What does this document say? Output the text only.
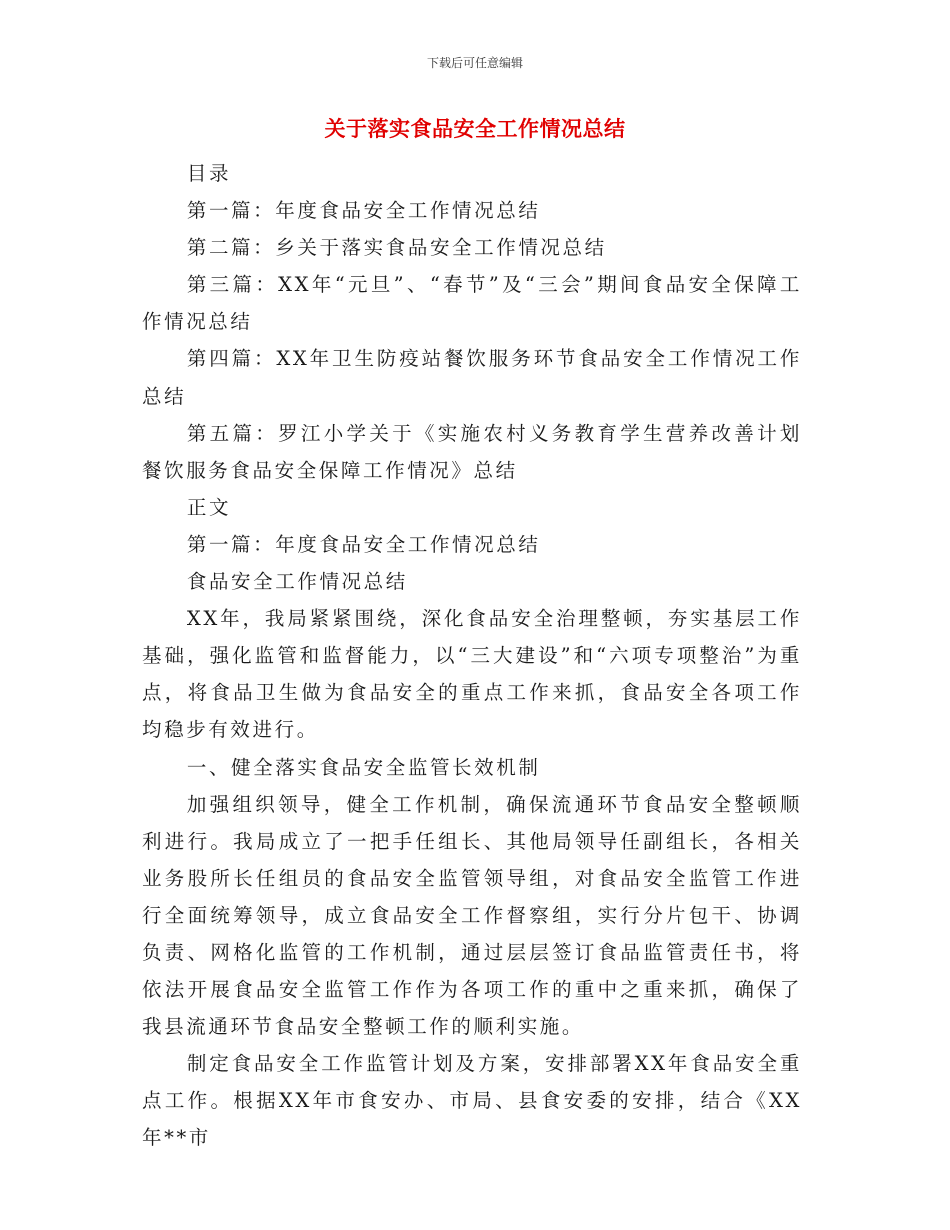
下载后可任意编辑
关于落实食品安全工作情况总结

目录

第一篇：年度食品安全工作情况总结

第二篇：乡关于落实食品安全工作情况总结

第三篇：XX年“元旦”、“春节”及“三会”期间食品安全保障工作情况总结

第四篇：XX年卫生防疫站餐饮服务环节食品安全工作情况工作总结

第五篇：罗江小学关于《实施农村义务教育学生营养改善计划餐饮服务食品安全保障工作情况》总结

正文

第一篇：年度食品安全工作情况总结

食品安全工作情况总结

XX年，我局紧紧围绕，深化食品安全治理整顿，夯实基层工作基础，强化监管和监督能力，以“三大建设”和“六项专项整治”为重点，将食品卫生做为食品安全的重点工作来抓，食品安全各项工作均稳步有效进行。

一、健全落实食品安全监管长效机制

加强组织领导，健全工作机制，确保流通环节食品安全整顿顺利进行。我局成立了一把手任组长、其他局领导任副组长，各相关业务股所长任组员的食品安全监管领导组，对食品安全监管工作进行全面统筹领导，成立食品安全工作督察组，实行分片包干、协调负责、网格化监管的工作机制，通过层层签订食品监管责任书，将依法开展食品安全监管工作作为各项工作的重中之重来抓，确保了我县流通环节食品安全整顿工作的顺利实施。

制定食品安全工作监管计划及方案，安排部署XX年食品安全重点工作。根据XX年市食安办、市局、县食安委的安排，结合《XX年**市
